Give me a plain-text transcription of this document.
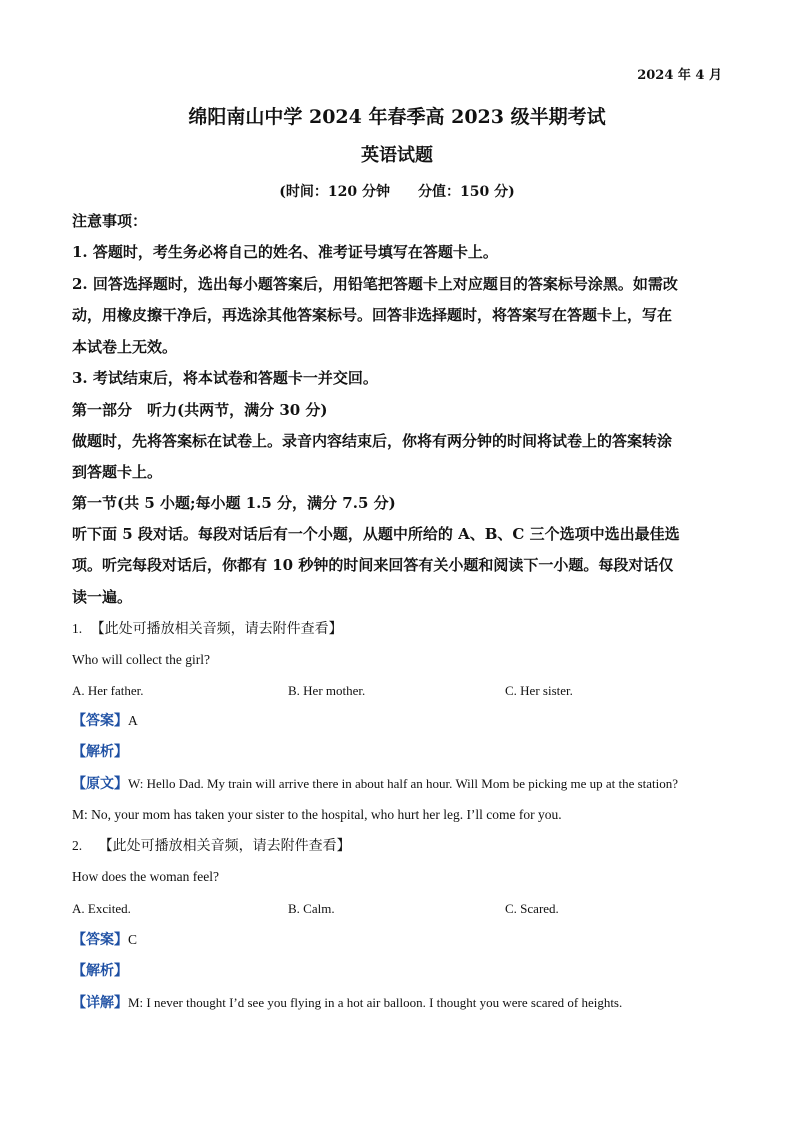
2024 年 4 月
绵阳南山中学 2024 年春季高 2023 级半期考试
英语试题
(时间：120 分钟　　分值：150 分)
注意事项：
1. 答题时，考生务必将自己的姓名、准考证号填写在答题卡上。
2. 回答选择题时，选出每小题答案后，用铅笔把答题卡上对应题目的答案标号涂黑。如需改
动，用橡皮擦干净后，再选涂其他答案标号。回答非选择题时，将答案写在答题卡上，写在
本试卷上无效。
3. 考试结束后，将本试卷和答题卡一并交回。
第一部分　听力(共两节，满分 30 分)
做题时，先将答案标在试卷上。录音内容结束后，你将有两分钟的时间将试卷上的答案转涂
到答题卡上。
第一节(共 5 小题;每小题 1.5 分，满分 7.5 分)
听下面 5 段对话。每段对话后有一个小题，从题中所给的 A、B、C 三个选项中选出最佳选
项。听完每段对话后，你都有 10 秒钟的时间来回答有关小题和阅读下一小题。每段对话仅
读一遍。
1. 【此处可播放相关音频，请去附件查看】
Who will collect the girl?
A. Her father.	B. Her mother.	C. Her sister.
【答案】A
【解析】
【原文】W: Hello Dad. My train will arrive there in about half an hour. Will Mom be picking me up at the station?
M: No, your mom has taken your sister to the hospital, who hurt her leg. I’ll come for you.
2. 【此处可播放相关音频，请去附件查看】
How does the woman feel?
A. Excited.	B. Calm.	C. Scared.
【答案】C
【解析】
【详解】M: I never thought I’d see you flying in a hot air balloon. I thought you were scared of heights.
